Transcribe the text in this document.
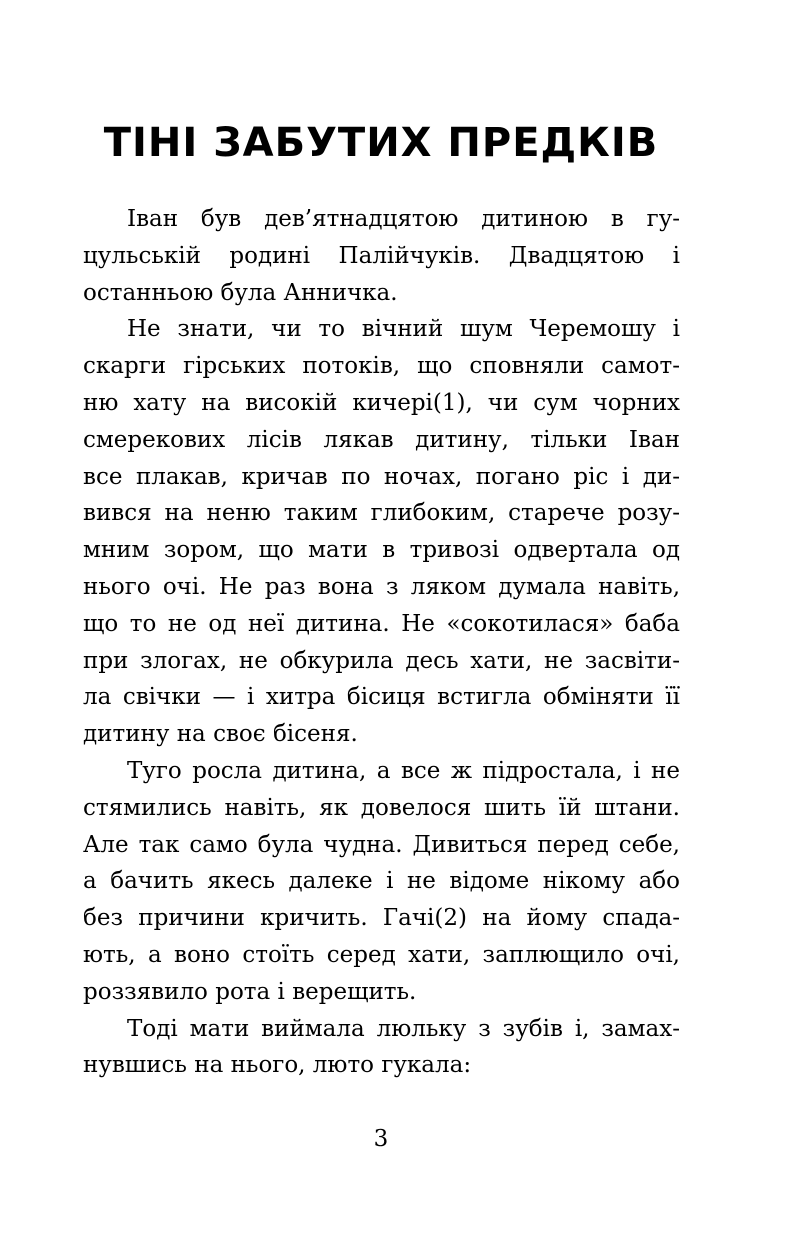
ТІНІ ЗАБУТИХ ПРЕДКІВ

Іван був дев’ятнадцятою дитиною в гу-
цульській родині Палійчуків. Двадцятою і
останньою була Анничка.

Не знати, чи то вічний шум Черемошу і
скарги гірських потоків, що сповняли самот-
ню хату на високій кичері(1), чи сум чорних
смерекових лісів лякав дитину, тільки Іван
все плакав, кричав по ночах, погано ріс і ди-
вився на неню таким глибоким, старече розу-
мним зором, що мати в тривозі одвертала од
нього очі. Не раз вона з ляком думала навіть,
що то не од неї дитина. Не «сокотилася» баба
при злогах, не обкурила десь хати, не засвіти-
ла свічки — і хитра бісиця встигла обміняти її
дитину на своє бісеня.

Туго росла дитина, а все ж підростала, і не
стямились навіть, як довелося шить їй штани.
Але так само була чудна. Дивиться перед себе,
а бачить якесь далеке і не відоме нікому або
без причини кричить. Гачі(2) на йому спада-
ють, а воно стоїть серед хати, заплющило очі,
роззявило рота і верещить.

Тоді мати виймала люльку з зубів і, замах-
нувшись на нього, люто гукала:

3
